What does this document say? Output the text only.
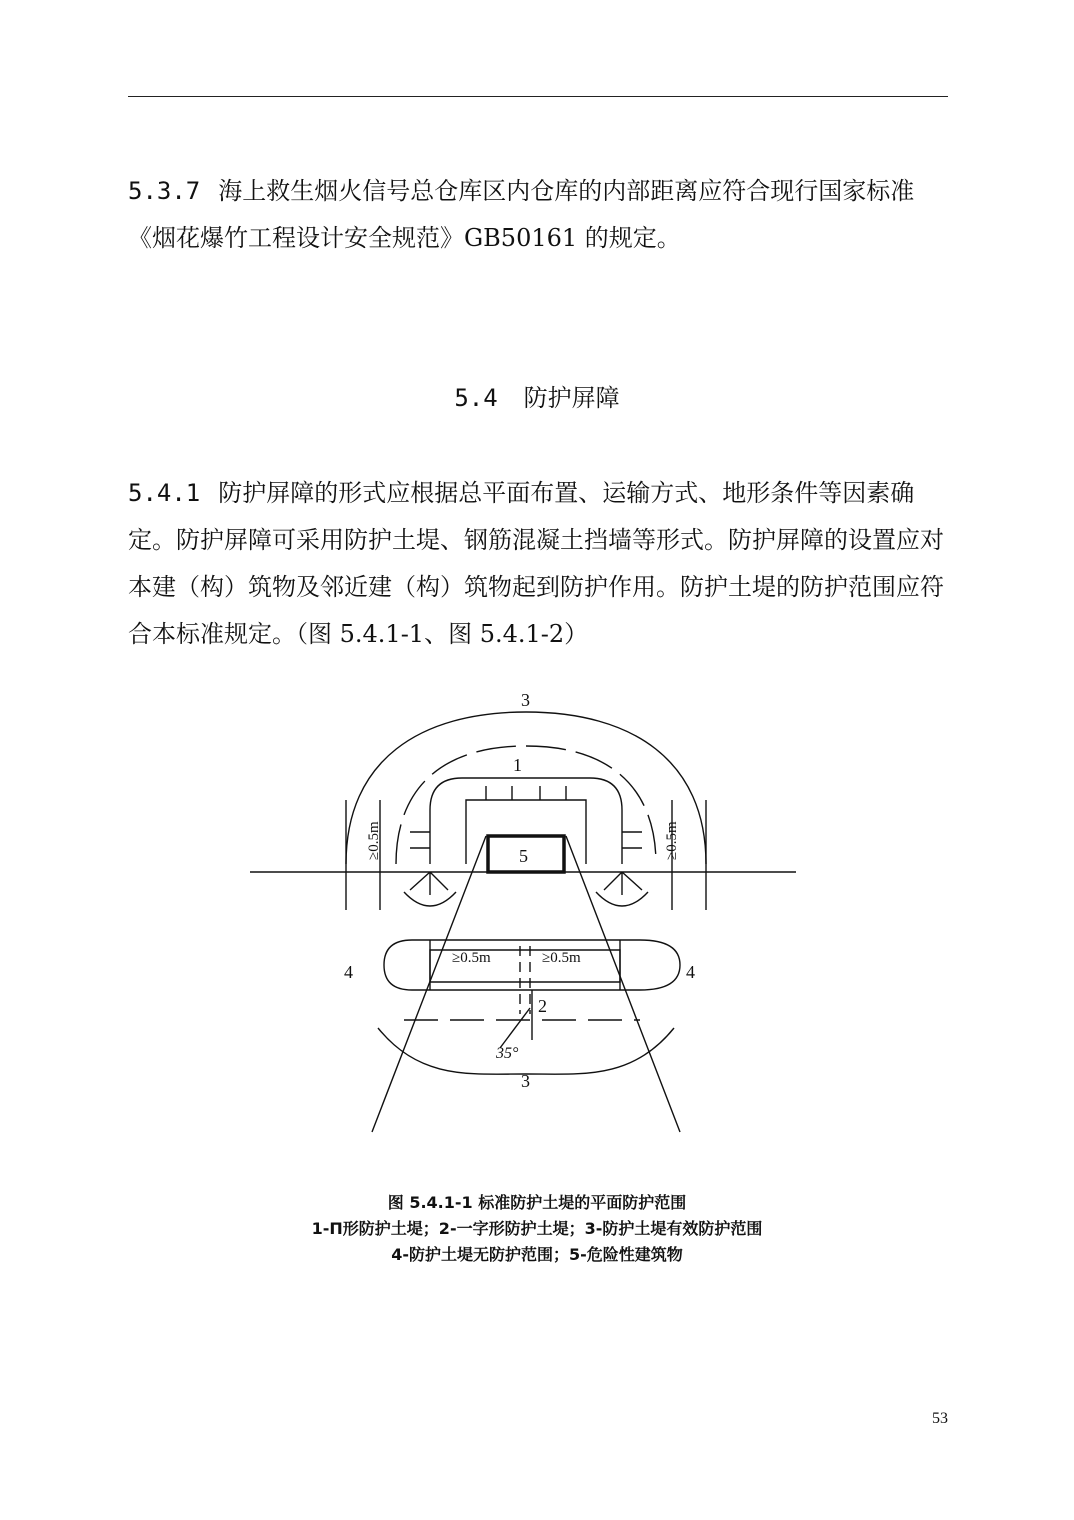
5.3.7 海上救生烟火信号总仓库区内仓库的内部距离应符合现行国家标准《烟花爆竹工程设计安全规范》GB50161 的规定。

5.4 防护屏障

5.4.1 防护屏障的形式应根据总平面布置、运输方式、地形条件等因素确定。防护屏障可采用防护土堤、钢筋混凝土挡墙等形式。防护屏障的设置应对本建（构）筑物及邻近建（构）筑物起到防护作用。防护土堤的防护范围应符合本标准规定。（图 5.4.1-1、图 5.4.1-2）

3
1
5
4	4
2
3
≥0.5m	≥0.5m
35°
≥0.5m	≥0.5m
图 5.4.1-1 标准防护土堤的平面防护范围
1-Π形防护土堤；2-一字形防护土堤；3-防护土堤有效防护范围
4-防护土堤无防护范围；5-危险性建筑物
53
